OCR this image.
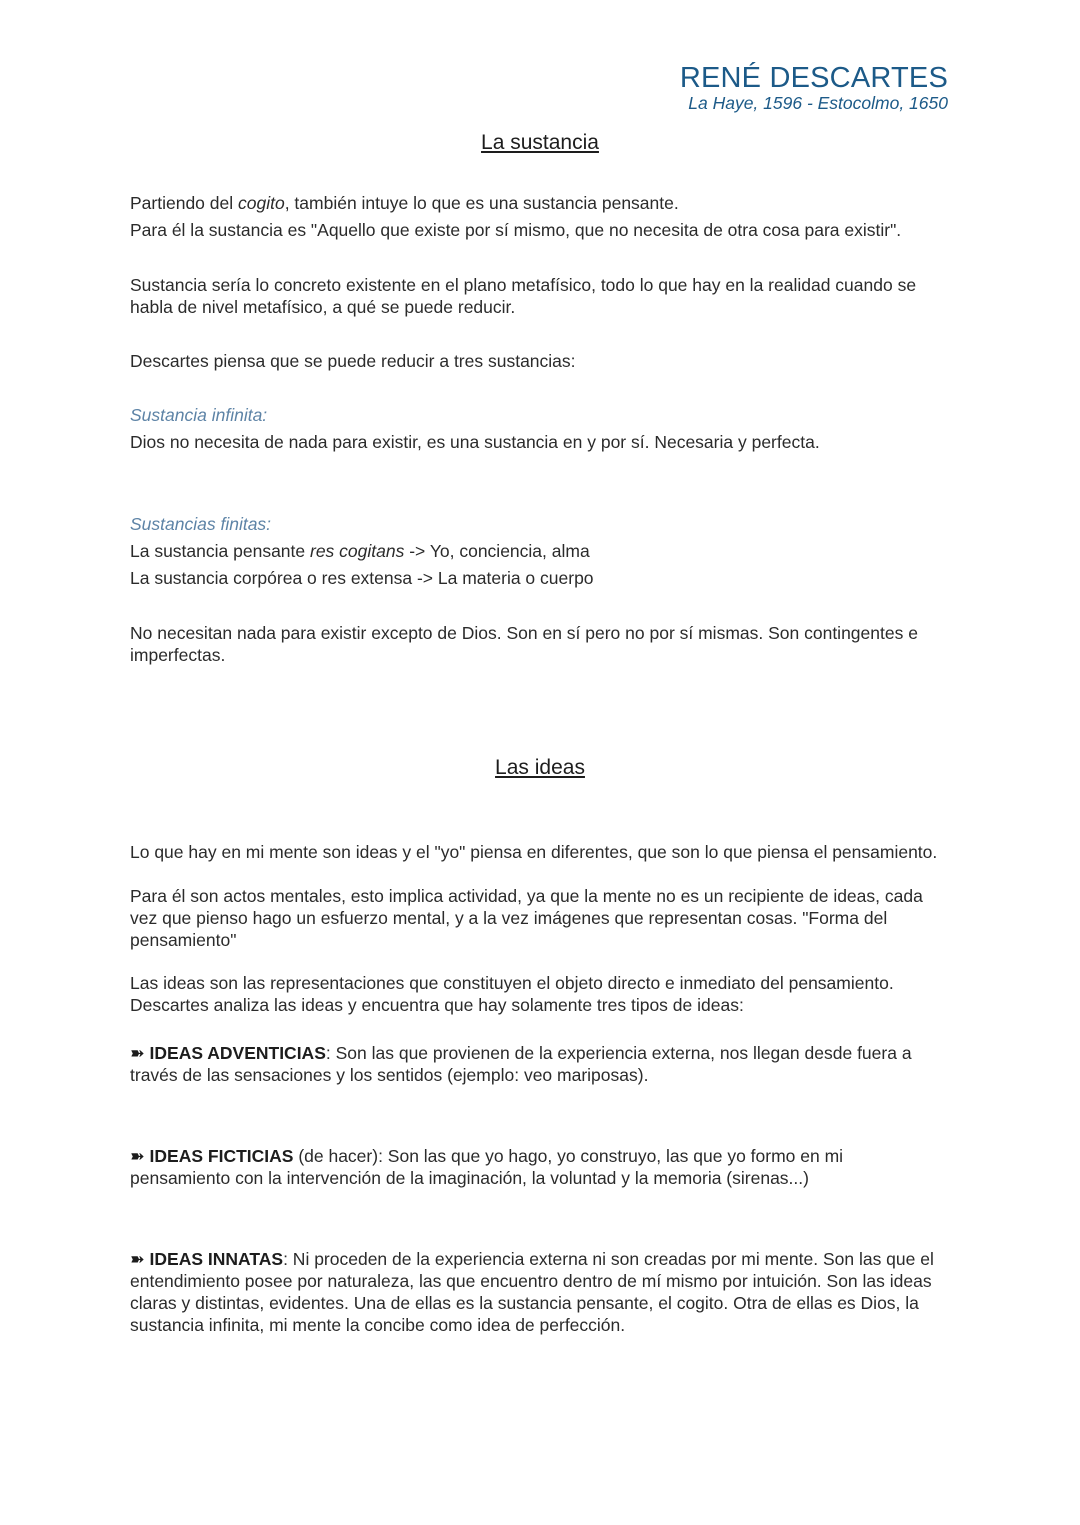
RENÉ DESCARTES
La Haye, 1596 - Estocolmo, 1650
La sustancia
Partiendo del cogito, también intuye lo que es una sustancia pensante.
Para él la sustancia es "Aquello que existe por sí mismo, que no necesita de otra cosa para existir".
Sustancia sería lo concreto existente en el plano metafísico, todo lo que hay en la realidad cuando se
habla de nivel metafísico, a qué se puede reducir.
Descartes piensa que se puede reducir a tres sustancias:
Sustancia infinita:
Dios no necesita de nada para existir, es una sustancia en y por sí. Necesaria y perfecta.
Sustancias finitas:
La sustancia pensante res cogitans -> Yo, conciencia, alma
La sustancia corpórea o res extensa -> La materia o cuerpo
No necesitan nada para existir excepto de Dios. Son en sí pero no por sí mismas. Son contingentes e
imperfectas.
Las ideas
Lo que hay en mi mente son ideas y el "yo" piensa en diferentes, que son lo que piensa el pensamiento.
Para él son actos mentales, esto implica actividad, ya que la mente no es un recipiente de ideas, cada
vez que pienso hago un esfuerzo mental, y a la vez imágenes que representan cosas. "Forma del
pensamiento"
Las ideas son las representaciones que constituyen el objeto directo e inmediato del pensamiento.
Descartes analiza las ideas y encuentra que hay solamente tres tipos de ideas:
➽ IDEAS ADVENTICIAS: Son las que provienen de la experiencia externa, nos llegan desde fuera a
través de las sensaciones y los sentidos (ejemplo: veo mariposas).
➽ IDEAS FICTICIAS (de hacer): Son las que yo hago, yo construyo, las que yo formo en mi
pensamiento con la intervención de la imaginación, la voluntad y la memoria (sirenas...)
➽ IDEAS INNATAS: Ni proceden de la experiencia externa ni son creadas por mi mente. Son las que el
entendimiento posee por naturaleza, las que encuentro dentro de mí mismo por intuición. Son las ideas
claras y distintas, evidentes. Una de ellas es la sustancia pensante, el cogito. Otra de ellas es Dios, la
sustancia infinita, mi mente la concibe como idea de perfección.
